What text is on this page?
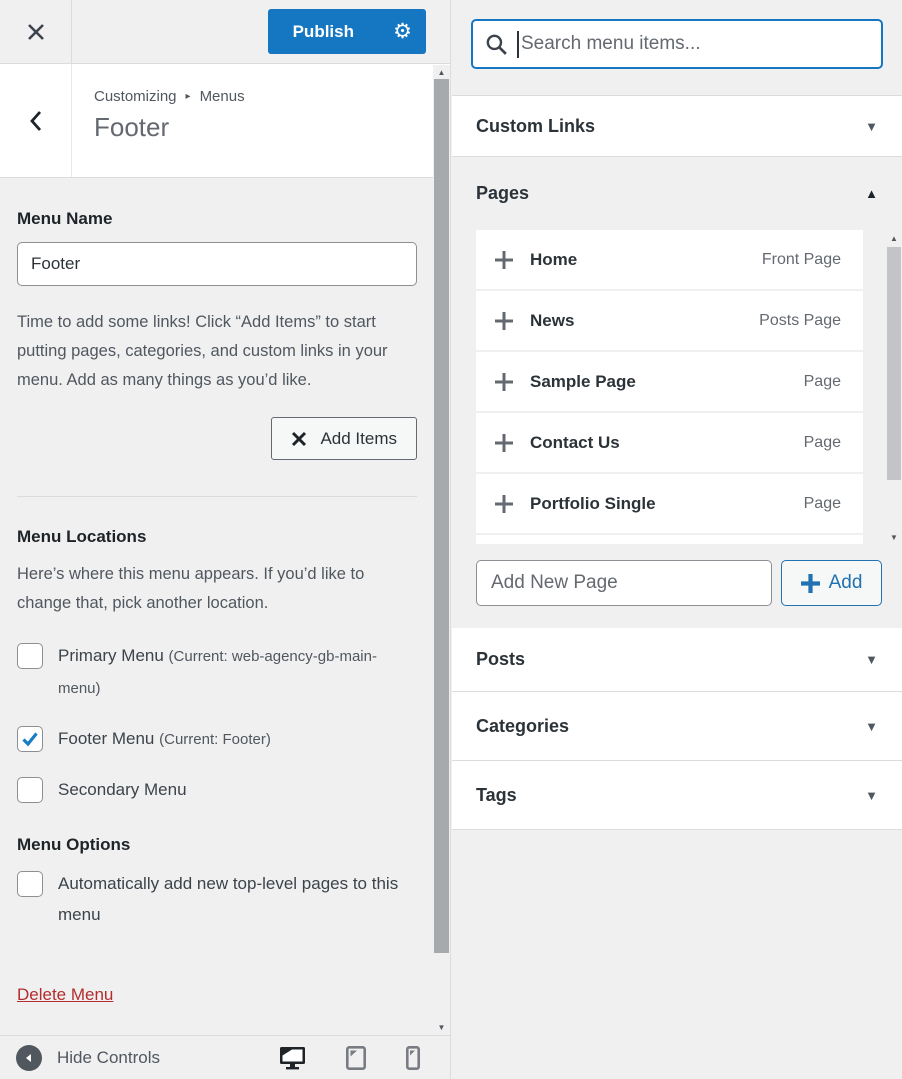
Publish	⚙
Customizing ▸ Menus
Footer
Menu Name
Footer

Time to add some links! Click “Add Items” to start putting pages, categories, and custom links in your menu. Add as many things as you’d like.

Add Items
Menu Locations

Here’s where this menu appears. If you’d like to change that, pick another location.

Primary Menu (Current: web-agency-gb-main-menu)
Footer Menu (Current: Footer)
Secondary Menu
Menu Options
Automatically add new top-level pages to this menu
Delete Menu
▲
▼
Hide Controls
Search menu items...
Custom Links	▼
Pages	▲
Home	Front Page
News	Posts Page
Sample Page	Page
Contact Us	Page
Portfolio Single	Page
Add New Page
Add
Posts	▼
Categories	▼
Tags	▼
▲
▼
